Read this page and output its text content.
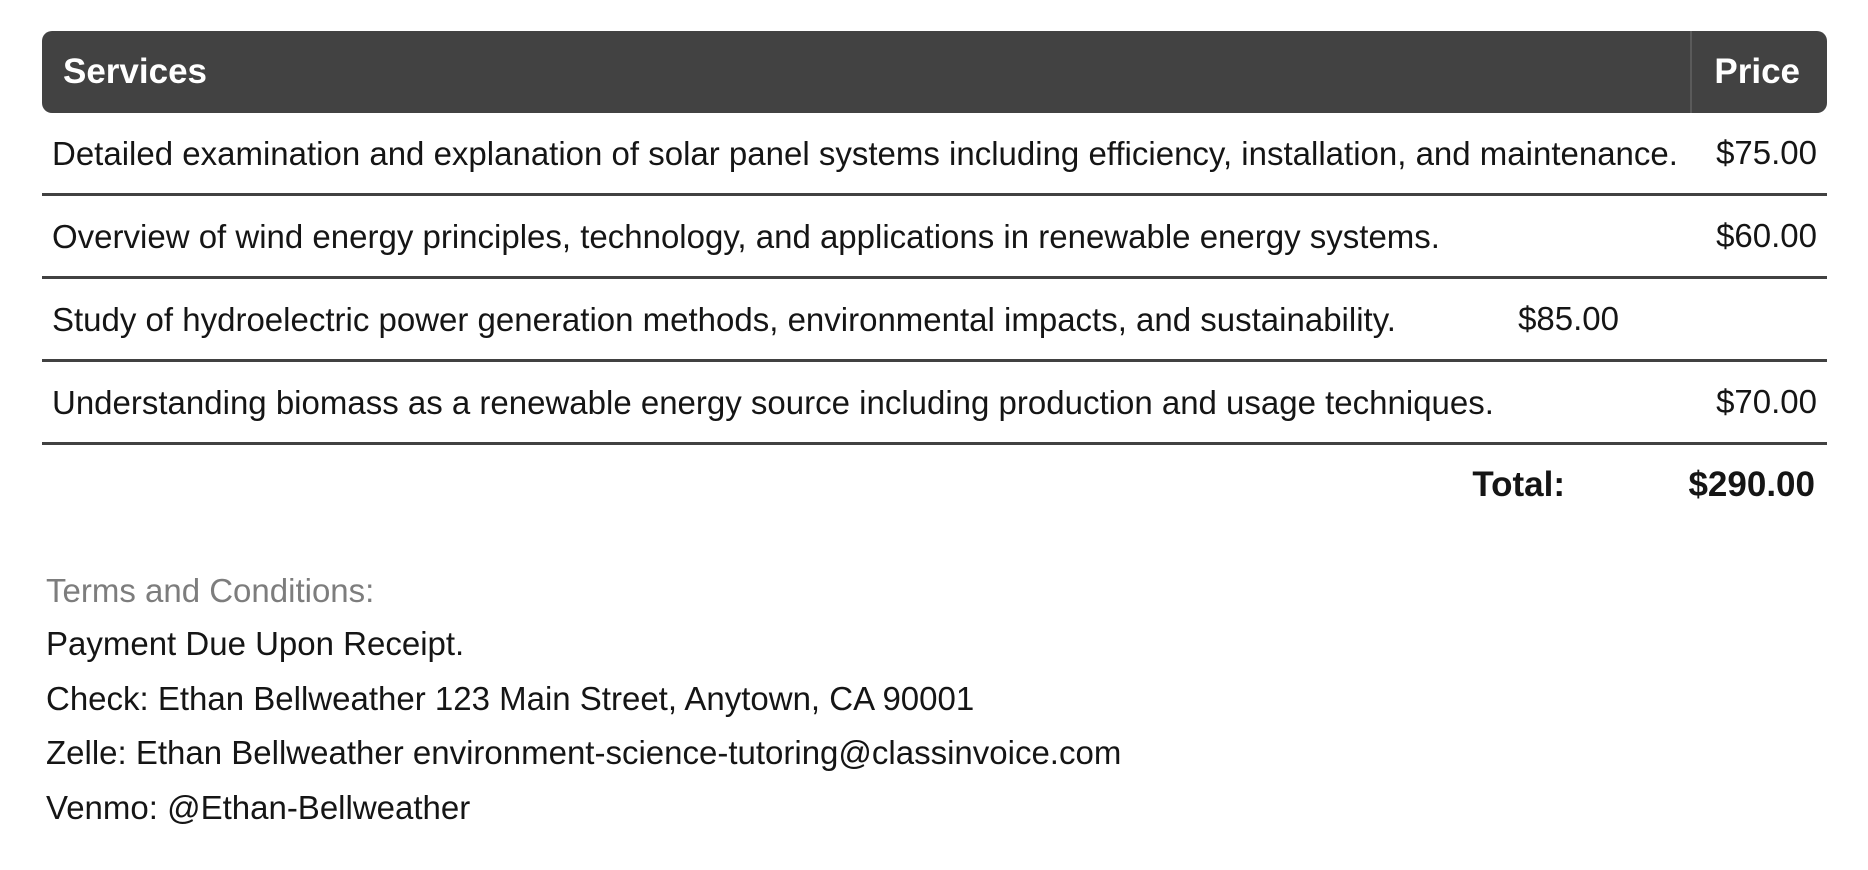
Services	Price
Detailed examination and explanation of solar panel systems including efficiency, installation, and maintenance.	$75.00
Overview of wind energy principles, technology, and applications in renewable energy systems.	$60.00
Study of hydroelectric power generation methods, environmental impacts, and sustainability.	$85.00
Understanding biomass as a renewable energy source including production and usage techniques.	$70.00
Total:	$290.00
Terms and Conditions:
Payment Due Upon Receipt.
Check: Ethan Bellweather 123 Main Street, Anytown, CA 90001
Zelle: Ethan Bellweather environment-science-tutoring@classinvoice.com
Venmo: @Ethan-Bellweather
